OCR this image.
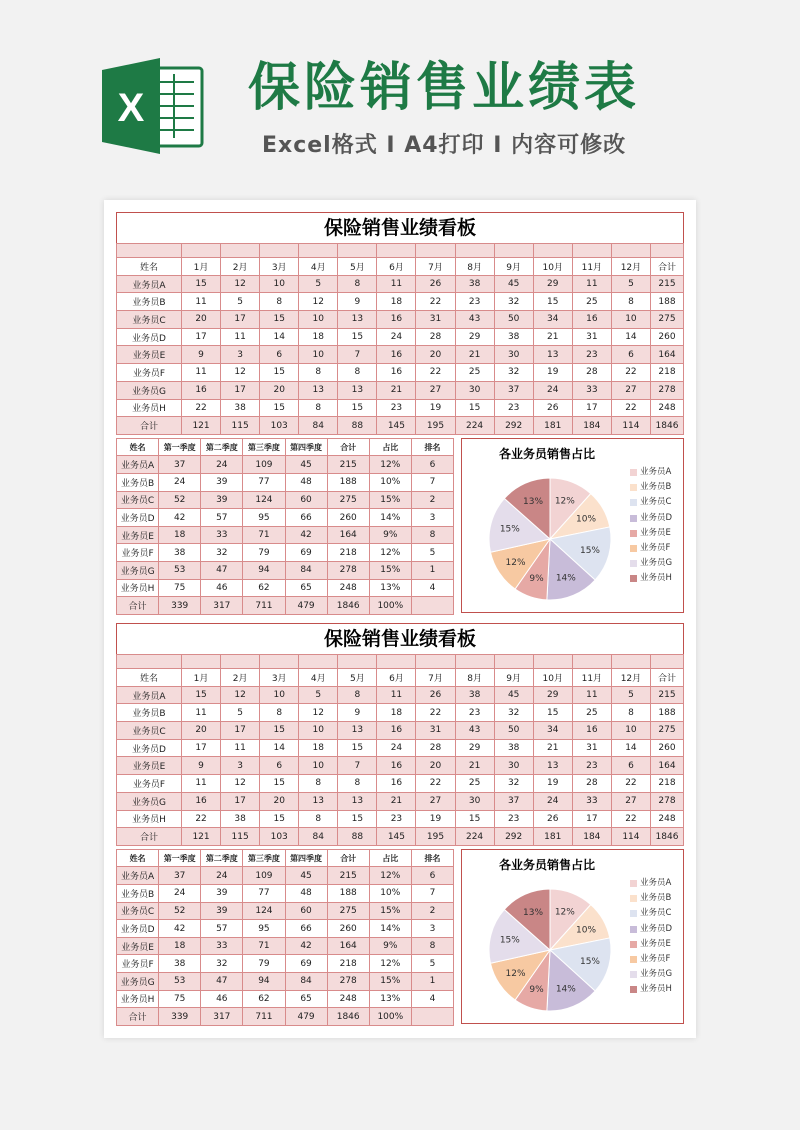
X 保险销售业绩表
Excel格式 I A4打印 I 内容可修改
保险销售业绩看板

姓名	1月	2月	3月	4月	5月	6月	7月	8月	9月	10月	11月	12月	合计
业务员A	15	12	10	5	8	11	26	38	45	29	11	5	215
业务员B	11	5	8	12	9	18	22	23	32	15	25	8	188
业务员C	20	17	15	10	13	16	31	43	50	34	16	10	275
业务员D	17	11	14	18	15	24	28	29	38	21	31	14	260
业务员E	9	3	6	10	7	16	20	21	30	13	23	6	164
业务员F	11	12	15	8	8	16	22	25	32	19	28	22	218
业务员G	16	17	20	13	13	21	27	30	37	24	33	27	278
业务员H	22	38	15	8	15	23	19	15	23	26	17	22	248
合计	121	115	103	84	88	145	195	224	292	181	184	114	1846
姓名	第一季度	第二季度	第三季度	第四季度	合计	占比	排名
业务员A	37	24	109	45	215	12%	6
业务员B	24	39	77	48	188	10%	7
业务员C	52	39	124	60	275	15%	2
业务员D	42	57	95	66	260	14%	3
业务员E	18	33	71	42	164	9%	8
业务员F	38	32	79	69	218	12%	5
业务员G	53	47	94	84	278	15%	1
业务员H	75	46	62	65	248	13%	4
合计	339	317	711	479	1846	100%	
各业务员销售占比
12%
10%
15%
14%
9%
12%
15%
13%
业务员A
业务员B
业务员C
业务员D
业务员E
业务员F
业务员G
业务员H
保险销售业绩看板

姓名	1月	2月	3月	4月	5月	6月	7月	8月	9月	10月	11月	12月	合计
业务员A	15	12	10	5	8	11	26	38	45	29	11	5	215
业务员B	11	5	8	12	9	18	22	23	32	15	25	8	188
业务员C	20	17	15	10	13	16	31	43	50	34	16	10	275
业务员D	17	11	14	18	15	24	28	29	38	21	31	14	260
业务员E	9	3	6	10	7	16	20	21	30	13	23	6	164
业务员F	11	12	15	8	8	16	22	25	32	19	28	22	218
业务员G	16	17	20	13	13	21	27	30	37	24	33	27	278
业务员H	22	38	15	8	15	23	19	15	23	26	17	22	248
合计	121	115	103	84	88	145	195	224	292	181	184	114	1846
姓名	第一季度	第二季度	第三季度	第四季度	合计	占比	排名
业务员A	37	24	109	45	215	12%	6
业务员B	24	39	77	48	188	10%	7
业务员C	52	39	124	60	275	15%	2
业务员D	42	57	95	66	260	14%	3
业务员E	18	33	71	42	164	9%	8
业务员F	38	32	79	69	218	12%	5
业务员G	53	47	94	84	278	15%	1
业务员H	75	46	62	65	248	13%	4
合计	339	317	711	479	1846	100%	
各业务员销售占比
12%
10%
15%
14%
9%
12%
15%
13%
业务员A
业务员B
业务员C
业务员D
业务员E
业务员F
业务员G
业务员H
